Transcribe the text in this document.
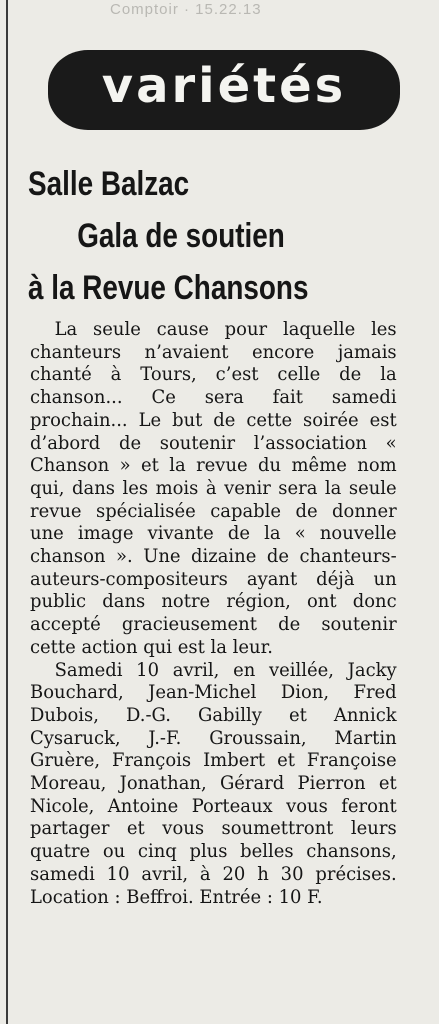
Comptoir · 15.22.13
variétés
Salle Balzac
Gala de soutien
à la Revue Chansons

La seule cause pour laquelle les chanteurs n’avaient encore jamais chanté à Tours, c’est celle de la chanson... Ce sera fait samedi prochain... Le but de cette soirée est d’abord de soutenir l’association « Chanson » et la revue du même nom qui, dans les mois à venir sera la seule revue spécialisée capable de donner une image vivante de la « nouvelle chanson ». Une dizaine de chanteurs-auteurs-compositeurs ayant déjà un public dans notre région, ont donc accepté gracieusement de soutenir cette action qui est la leur.

Samedi 10 avril, en veillée, Jacky Bouchard, Jean-Michel Dion, Fred Dubois, D.-G. Gabilly et Annick Cysaruck, J.-F. Groussain, Martin Gruère, François Imbert et Françoise Moreau, Jonathan, Gérard Pierron et Nicole, Antoine Porteaux vous feront partager et vous soumettront leurs quatre ou cinq plus belles chansons, samedi 10 avril, à 20 h 30 précises. Location : Beffroi. Entrée : 10 F.
